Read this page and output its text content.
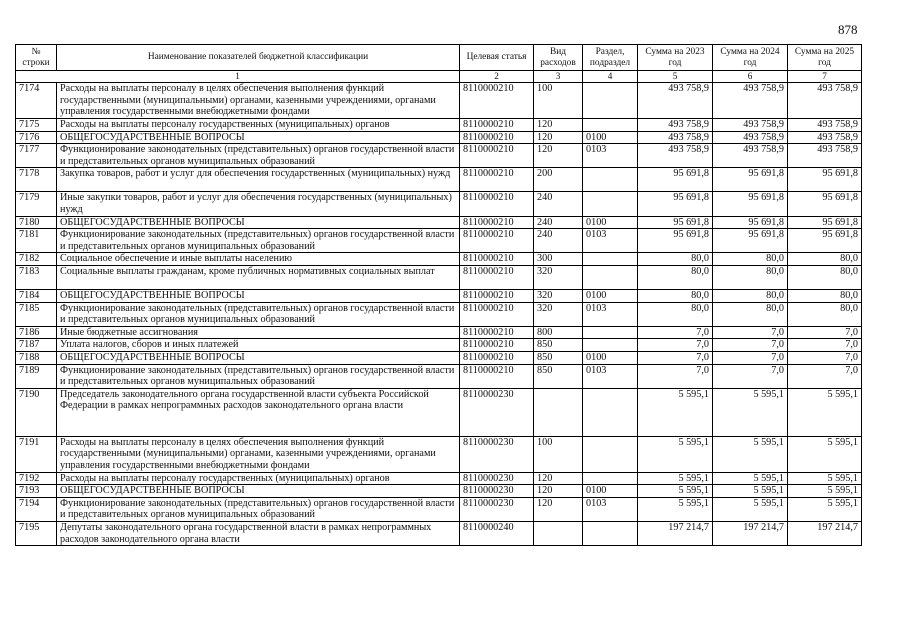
878
№ строки	Наименование показателей бюджетной классификации	Целевая статья	Вид расходов	Раздел, подраздел	Сумма на 2023 год	Сумма на 2024 год	Сумма на 2025 год
1		2	3	4	5	6	7
7174	Расходы на выплаты персоналу в целях обеспечения выполнения функций государственными (муниципальными) органами, казенными учреждениями, органами управления государственными внебюджетными фондами	8110000210	100		493 758,9	493 758,9	493 758,9
7175	Расходы на выплаты персоналу государственных (муниципальных) органов	8110000210	120		493 758,9	493 758,9	493 758,9
7176	ОБЩЕГОСУДАРСТВЕННЫЕ ВОПРОСЫ	8110000210	120	0100	493 758,9	493 758,9	493 758,9
7177	Функционирование законодательных (представительных) органов государственной власти и представительных органов муниципальных образований	8110000210	120	0103	493 758,9	493 758,9	493 758,9
7178	Закупка товаров, работ и услуг для обеспечения государственных (муниципальных) нужд	8110000210	200		95 691,8	95 691,8	95 691,8
7179	Иные закупки товаров, работ и услуг для обеспечения государственных (муниципальных) нужд	8110000210	240		95 691,8	95 691,8	95 691,8
7180	ОБЩЕГОСУДАРСТВЕННЫЕ ВОПРОСЫ	8110000210	240	0100	95 691,8	95 691,8	95 691,8
7181	Функционирование законодательных (представительных) органов государственной власти и представительных органов муниципальных образований	8110000210	240	0103	95 691,8	95 691,8	95 691,8
7182	Социальное обеспечение и иные выплаты населению	8110000210	300		80,0	80,0	80,0
7183	Социальные выплаты гражданам, кроме публичных нормативных социальных выплат	8110000210	320		80,0	80,0	80,0
7184	ОБЩЕГОСУДАРСТВЕННЫЕ ВОПРОСЫ	8110000210	320	0100	80,0	80,0	80,0
7185	Функционирование законодательных (представительных) органов государственной власти и представительных органов муниципальных образований	8110000210	320	0103	80,0	80,0	80,0
7186	Иные бюджетные ассигнования	8110000210	800		7,0	7,0	7,0
7187	Уплата налогов, сборов и иных платежей	8110000210	850		7,0	7,0	7,0
7188	ОБЩЕГОСУДАРСТВЕННЫЕ ВОПРОСЫ	8110000210	850	0100	7,0	7,0	7,0
7189	Функционирование законодательных (представительных) органов государственной власти и представительных органов муниципальных образований	8110000210	850	0103	7,0	7,0	7,0
7190	Председатель законодательного органа государственной власти субъекта Российской Федерации в рамках непрограммных расходов законодательного органа власти	8110000230			5 595,1	5 595,1	5 595,1
7191	Расходы на выплаты персоналу в целях обеспечения выполнения функций государственными (муниципальными) органами, казенными учреждениями, органами управления государственными внебюджетными фондами	8110000230	100		5 595,1	5 595,1	5 595,1
7192	Расходы на выплаты персоналу государственных (муниципальных) органов	8110000230	120		5 595,1	5 595,1	5 595,1
7193	ОБЩЕГОСУДАРСТВЕННЫЕ ВОПРОСЫ	8110000230	120	0100	5 595,1	5 595,1	5 595,1
7194	Функционирование законодательных (представительных) органов государственной власти и представительных органов муниципальных образований	8110000230	120	0103	5 595,1	5 595,1	5 595,1
7195	Депутаты законодательного органа государственной власти в рамках непрограммных расходов законодательного органа власти	8110000240			197 214,7	197 214,7	197 214,7
